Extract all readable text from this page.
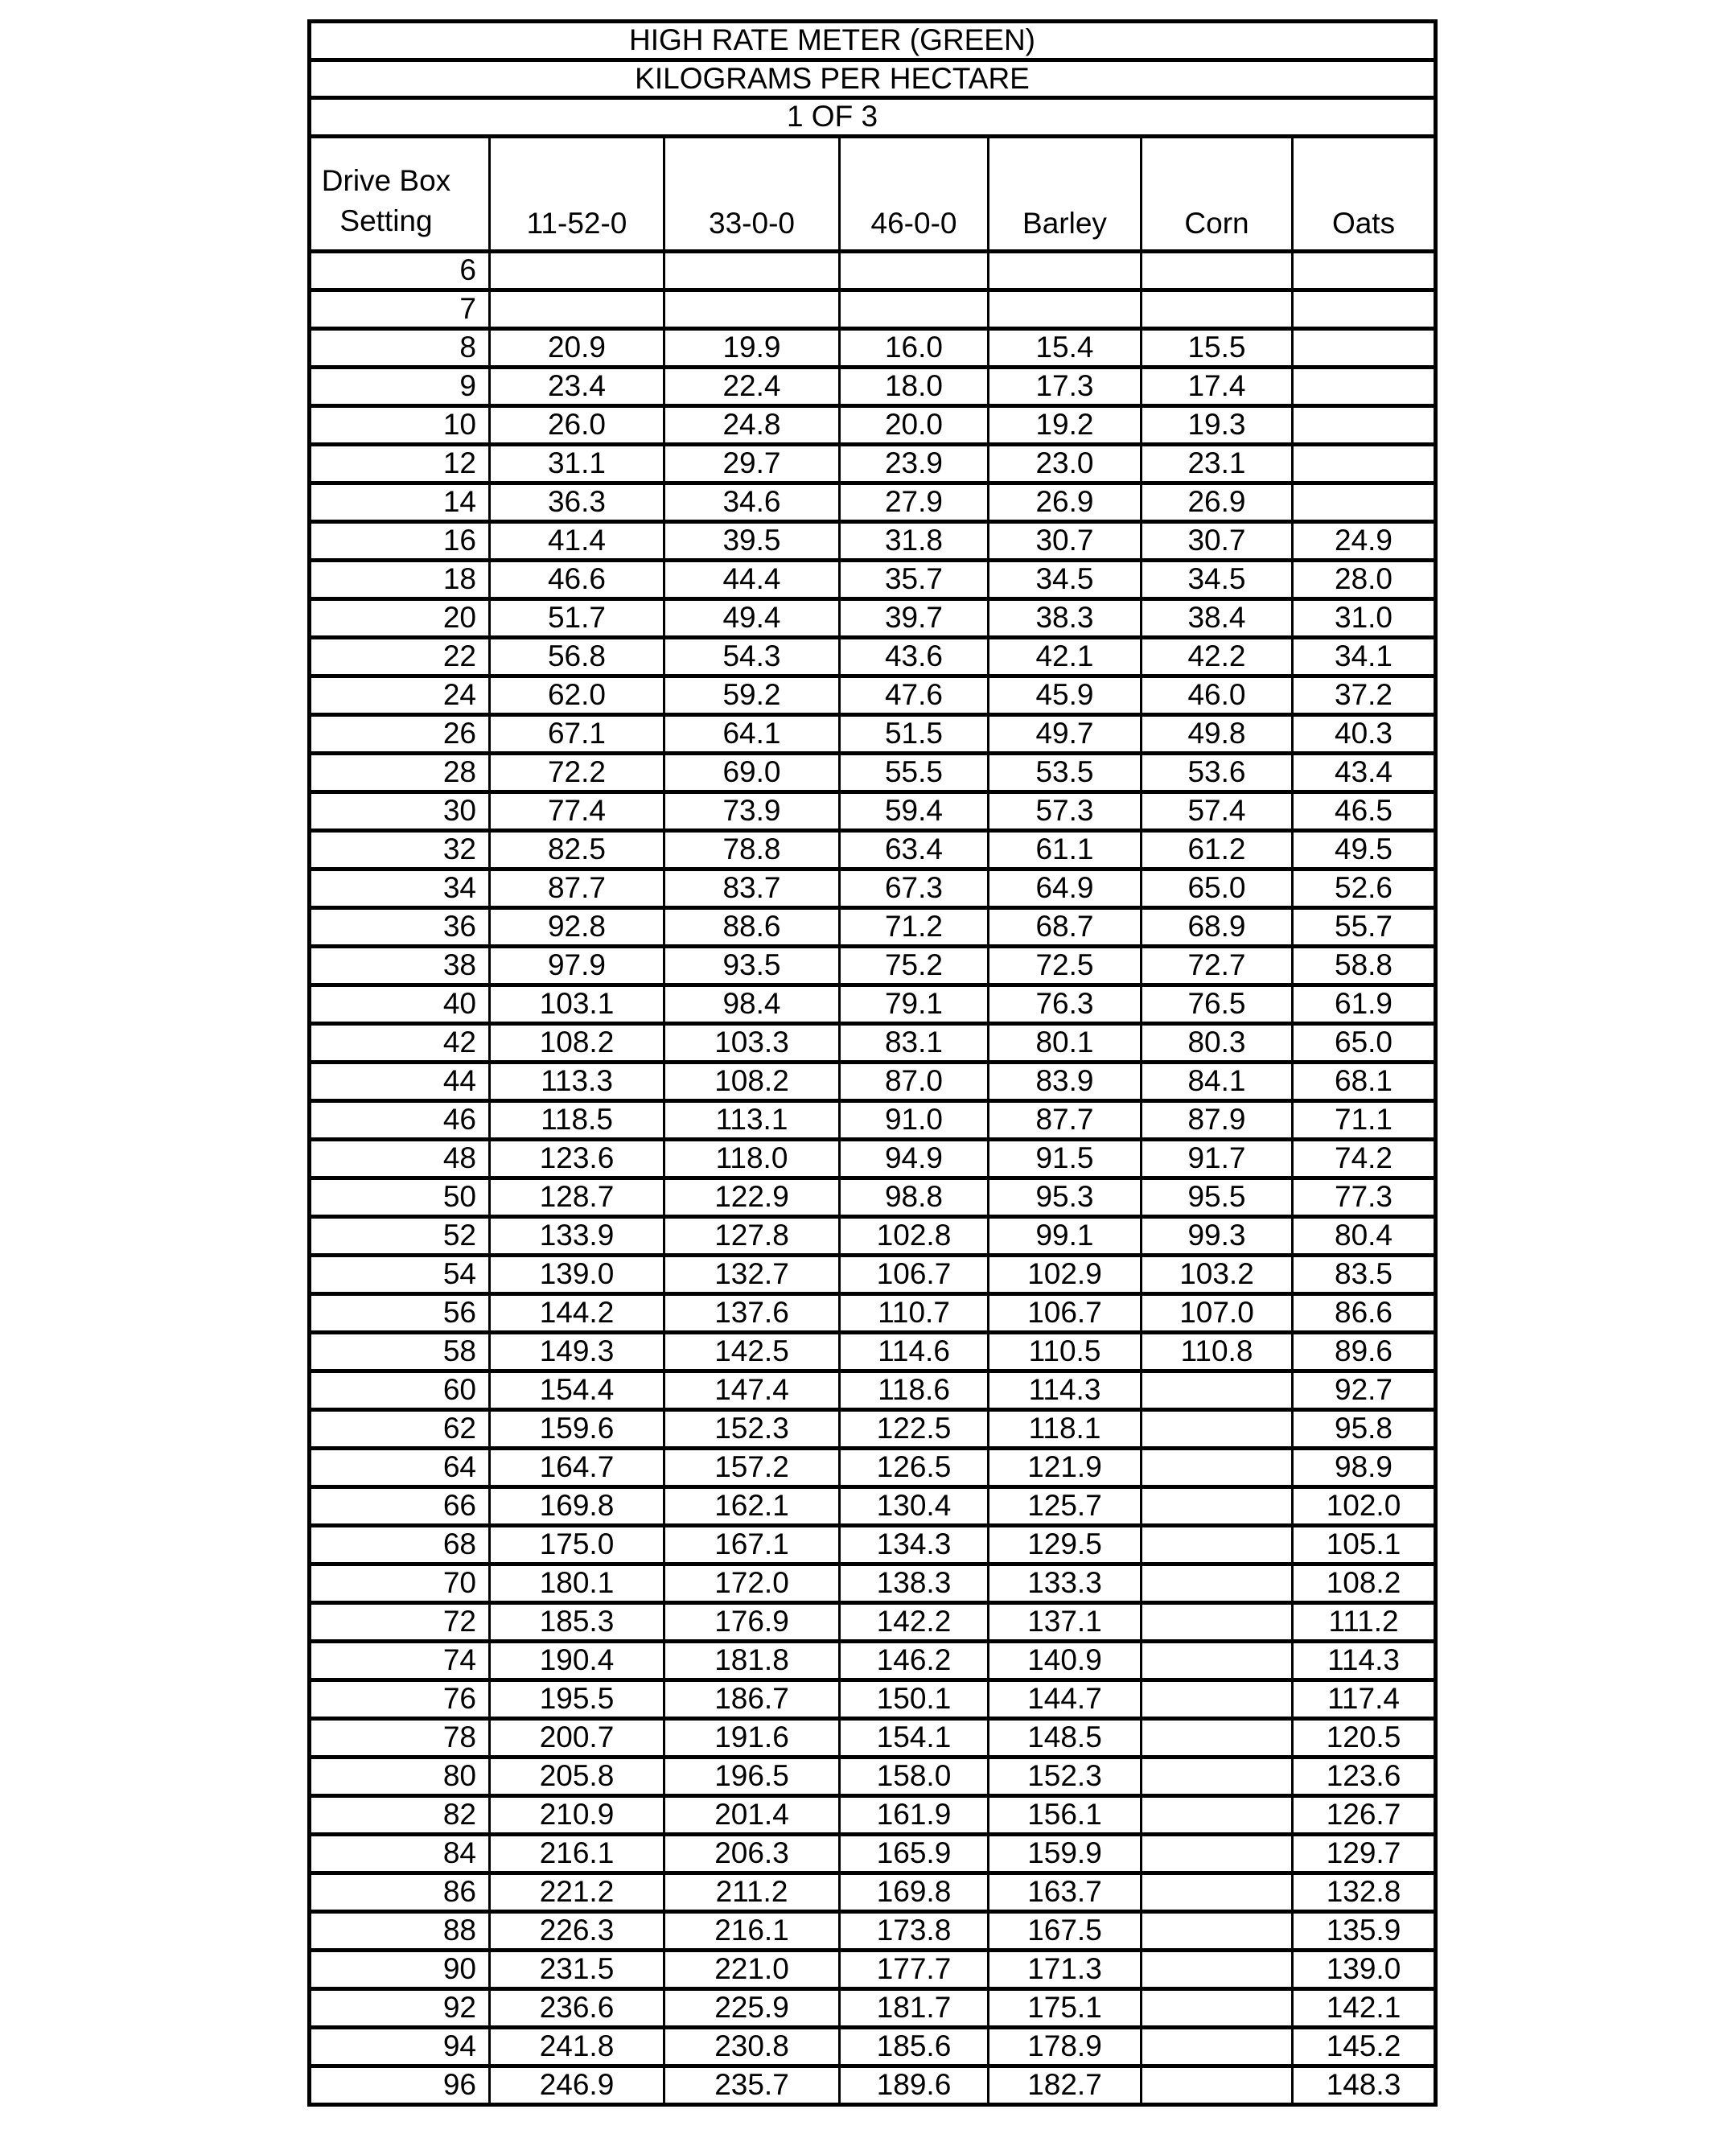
HIGH RATE METER (GREEN)						
KILOGRAMS PER HECTARE						
1 OF 3						

Drive Box
Setting	11-52-0	33-0-0	46-0-0	Barley	Corn	Oats
6						
7						
8	20.9	19.9	16.0	15.4	15.5	
9	23.4	22.4	18.0	17.3	17.4	
10	26.0	24.8	20.0	19.2	19.3	
12	31.1	29.7	23.9	23.0	23.1	
14	36.3	34.6	27.9	26.9	26.9	
16	41.4	39.5	31.8	30.7	30.7	24.9
18	46.6	44.4	35.7	34.5	34.5	28.0
20	51.7	49.4	39.7	38.3	38.4	31.0
22	56.8	54.3	43.6	42.1	42.2	34.1
24	62.0	59.2	47.6	45.9	46.0	37.2
26	67.1	64.1	51.5	49.7	49.8	40.3
28	72.2	69.0	55.5	53.5	53.6	43.4
30	77.4	73.9	59.4	57.3	57.4	46.5
32	82.5	78.8	63.4	61.1	61.2	49.5
34	87.7	83.7	67.3	64.9	65.0	52.6
36	92.8	88.6	71.2	68.7	68.9	55.7
38	97.9	93.5	75.2	72.5	72.7	58.8
40	103.1	98.4	79.1	76.3	76.5	61.9
42	108.2	103.3	83.1	80.1	80.3	65.0
44	113.3	108.2	87.0	83.9	84.1	68.1
46	118.5	113.1	91.0	87.7	87.9	71.1
48	123.6	118.0	94.9	91.5	91.7	74.2
50	128.7	122.9	98.8	95.3	95.5	77.3
52	133.9	127.8	102.8	99.1	99.3	80.4
54	139.0	132.7	106.7	102.9	103.2	83.5
56	144.2	137.6	110.7	106.7	107.0	86.6
58	149.3	142.5	114.6	110.5	110.8	89.6
60	154.4	147.4	118.6	114.3		92.7
62	159.6	152.3	122.5	118.1		95.8
64	164.7	157.2	126.5	121.9		98.9
66	169.8	162.1	130.4	125.7		102.0
68	175.0	167.1	134.3	129.5		105.1
70	180.1	172.0	138.3	133.3		108.2
72	185.3	176.9	142.2	137.1		111.2
74	190.4	181.8	146.2	140.9		114.3
76	195.5	186.7	150.1	144.7		117.4
78	200.7	191.6	154.1	148.5		120.5
80	205.8	196.5	158.0	152.3		123.6
82	210.9	201.4	161.9	156.1		126.7
84	216.1	206.3	165.9	159.9		129.7
86	221.2	211.2	169.8	163.7		132.8
88	226.3	216.1	173.8	167.5		135.9
90	231.5	221.0	177.7	171.3		139.0
92	236.6	225.9	181.7	175.1		142.1
94	241.8	230.8	185.6	178.9		145.2
96	246.9	235.7	189.6	182.7		148.3
